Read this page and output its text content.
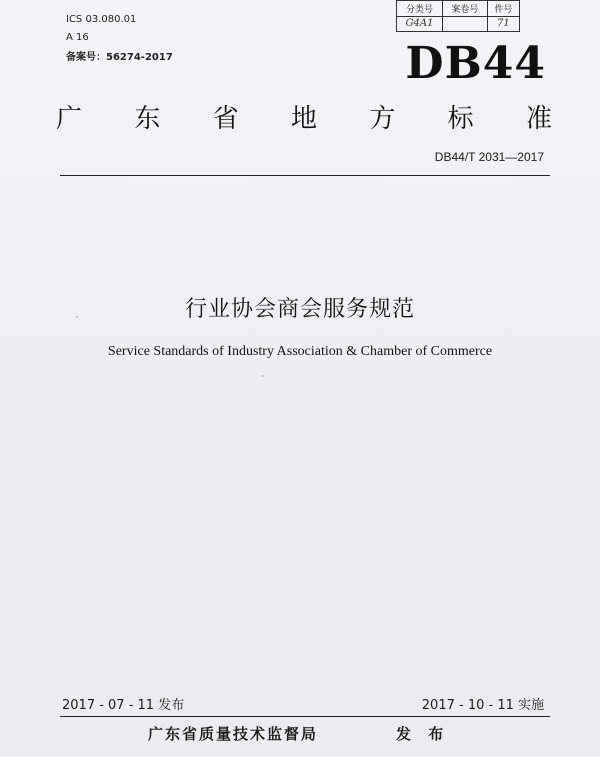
ICS 03.080.01
A 16
备案号：56274-2017
分类号	案卷号	件号
G4A1		71
DB44
广 东 省 地 方 标 准
DB44/T 2031—2017
行业协会商会服务规范
Service Standards of Industry Association & Chamber of Commerce
2017 - 07 - 11 发布	2017 - 10 - 11 实施
广东省质量技术监督局	发 布
